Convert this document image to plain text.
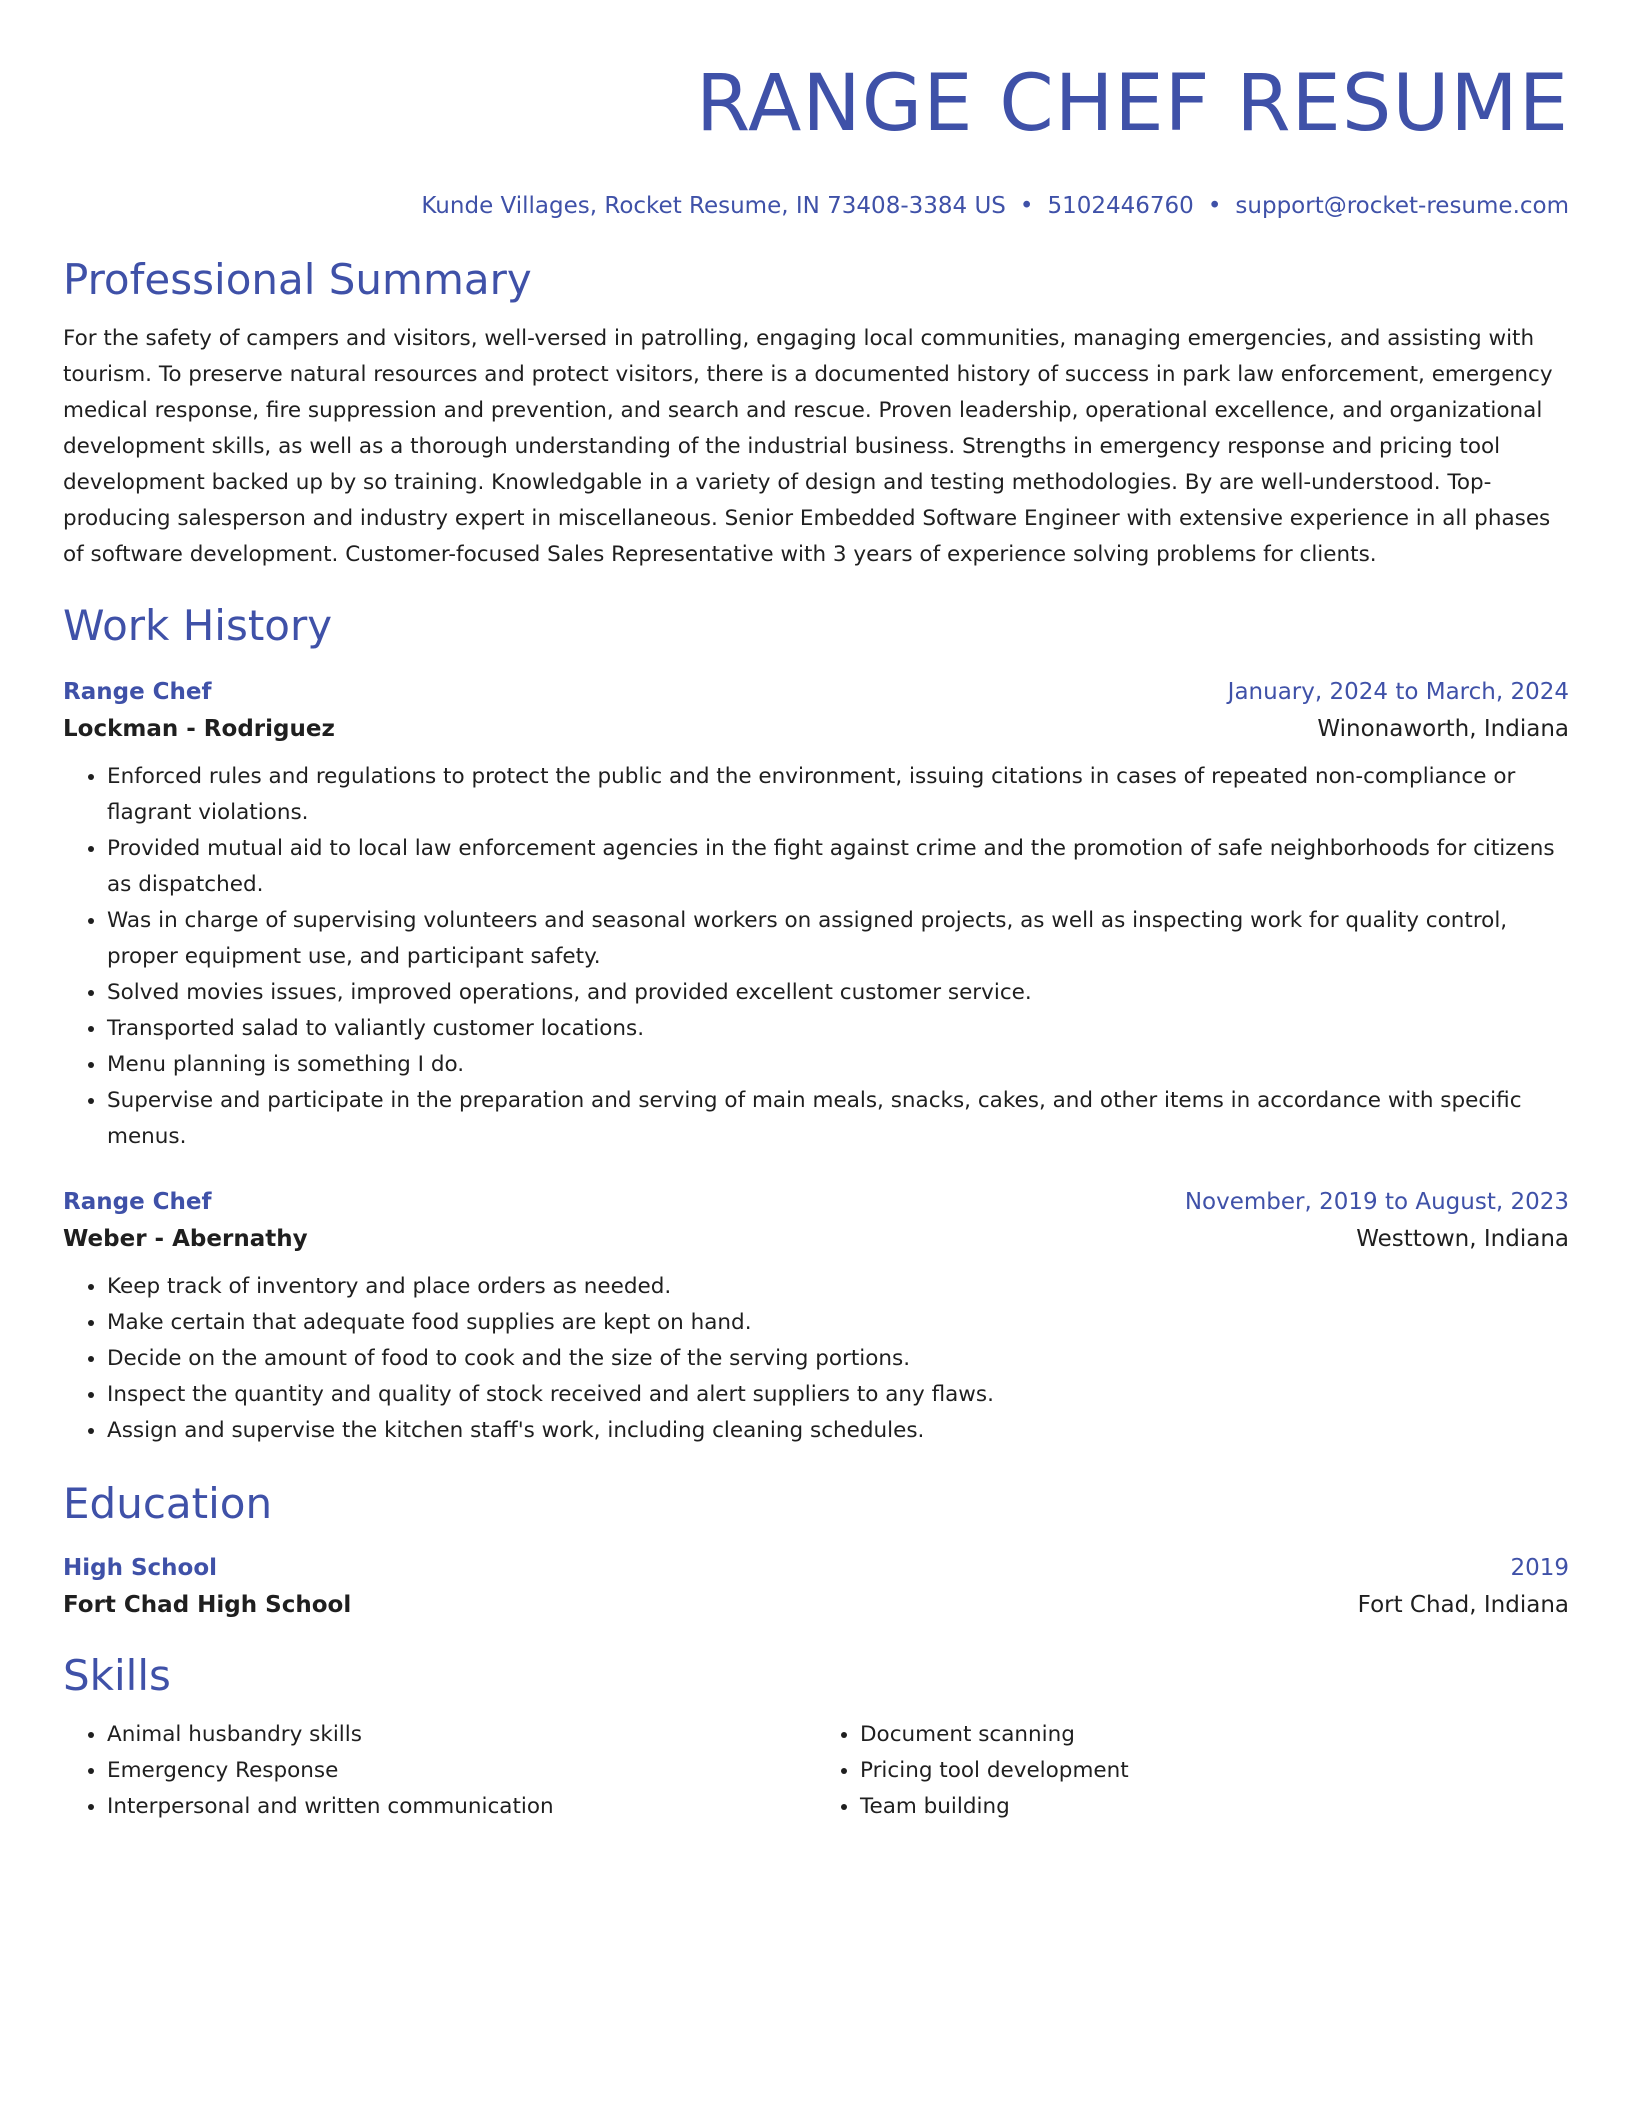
RANGE CHEF RESUME
Kunde Villages, Rocket Resume, IN 73408-3384 US • 5102446760 • support@rocket-resume.com
Professional Summary

For the safety of campers and visitors, well-versed in patrolling, engaging local communities, managing emergencies, and assisting with tourism. To preserve natural resources and protect visitors, there is a documented history of success in park law enforcement, emergency medical response, fire suppression and prevention, and search and rescue. Proven leadership, operational excellence, and organizational development skills, as well as a thorough understanding of the industrial business. Strengths in emergency response and pricing tool development backed up by so training. Knowledgable in a variety of design and testing methodologies. By are well-understood. Top-producing salesperson and industry expert in miscellaneous. Senior Embedded Software Engineer with extensive experience in all phases of software development. Customer-focused Sales Representative with 3 years of experience solving problems for clients.

Work History
Range Chef	January, 2024 to March, 2024
Lockman - Rodriguez	Winonaworth, Indiana
• Enforced rules and regulations to protect the public and the environment, issuing citations in cases of repeated non-compliance or flagrant violations.
• Provided mutual aid to local law enforcement agencies in the fight against crime and the promotion of safe neighborhoods for citizens as dispatched.
• Was in charge of supervising volunteers and seasonal workers on assigned projects, as well as inspecting work for quality control, proper equipment use, and participant safety.
• Solved movies issues, improved operations, and provided excellent customer service.
• Transported salad to valiantly customer locations.
• Menu planning is something I do.
• Supervise and participate in the preparation and serving of main meals, snacks, cakes, and other items in accordance with specific menus.
Range Chef	November, 2019 to August, 2023
Weber - Abernathy	Westtown, Indiana
• Keep track of inventory and place orders as needed.
• Make certain that adequate food supplies are kept on hand.
• Decide on the amount of food to cook and the size of the serving portions.
• Inspect the quantity and quality of stock received and alert suppliers to any flaws.
• Assign and supervise the kitchen staff's work, including cleaning schedules.
Education
High School	2019
Fort Chad High School	Fort Chad, Indiana
Skills
• Animal husbandry skills
• Emergency Response
• Interpersonal and written communication
• Document scanning
• Pricing tool development
• Team building
